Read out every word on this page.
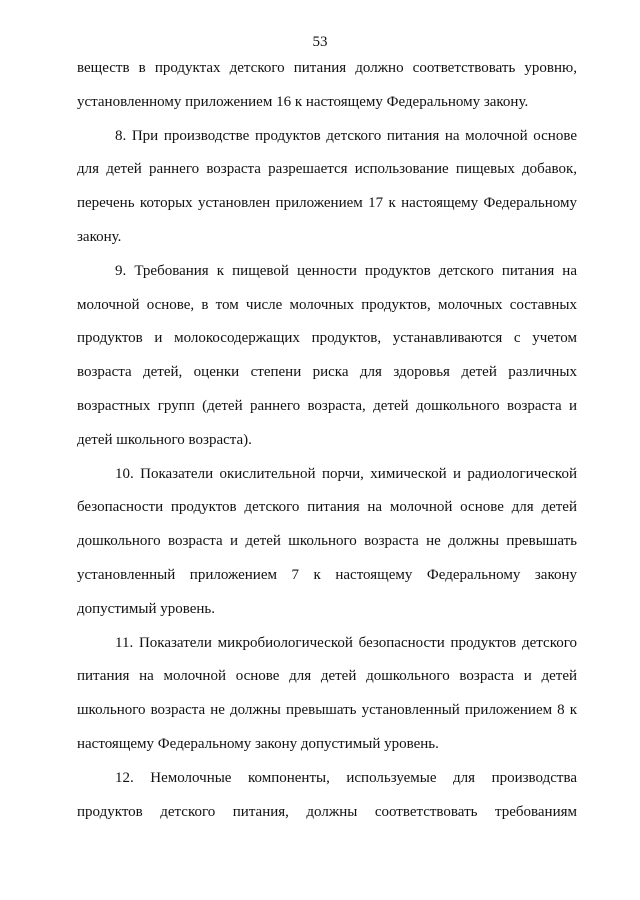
53
веществ в продуктах детского питания должно соответствовать уровню,
установленному приложением 16 к настоящему Федеральному закону.
8. При производстве продуктов детского питания на молочной основе
для детей раннего возраста разрешается использование пищевых добавок,
перечень которых установлен приложением 17 к настоящему Федеральному
закону.
9. Требования к пищевой ценности продуктов детского питания на
молочной основе, в том числе молочных продуктов, молочных составных
продуктов и молокосодержащих продуктов, устанавливаются с учетом
возраста детей, оценки степени риска для здоровья детей различных
возрастных групп (детей раннего возраста, детей дошкольного возраста и
детей школьного возраста).
10. Показатели окислительной порчи, химической и радиологической
безопасности продуктов детского питания на молочной основе для детей
дошкольного возраста и детей школьного возраста не должны превышать
установленный приложением 7 к настоящему Федеральному закону
допустимый уровень.
11. Показатели микробиологической безопасности продуктов детского
питания на молочной основе для детей дошкольного возраста и детей
школьного возраста не должны превышать установленный приложением 8 к
настоящему Федеральному закону допустимый уровень.
12. Немолочные компоненты, используемые для производства
продуктов детского питания, должны соответствовать требованиям
